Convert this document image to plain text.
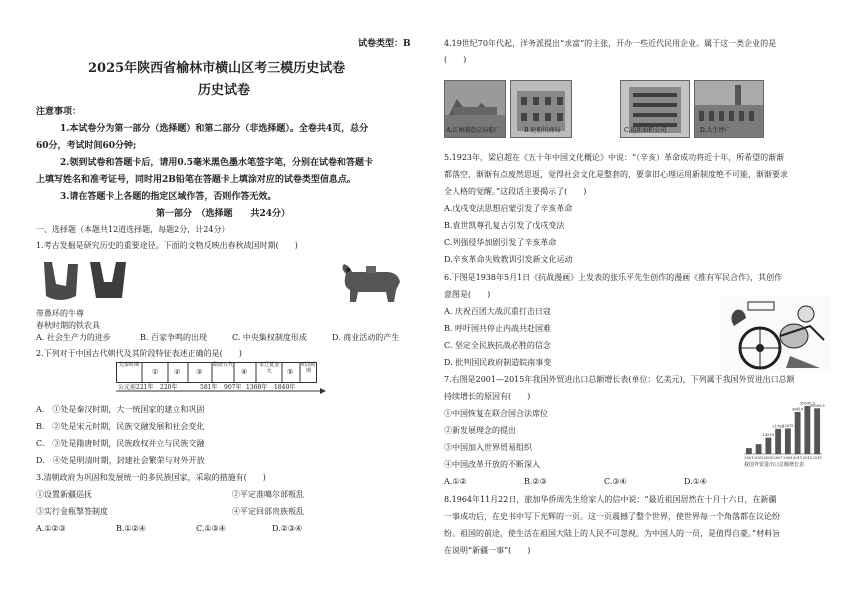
试卷类型：B
2025年陕西省榆林市横山区考三模历史试卷
历史试卷
注意事项：
1.本试卷分为第一部分（选择题）和第二部分（非选择题）。全卷共4页，总分
60分，考试时间60分钟;
2.领到试卷和答题卡后，请用0.5毫米黑色墨水笔签字笔，分别在试卷和答题卡
上填写姓名和准考证号，同时用2B铅笔在答题卡上填涂对应的试卷类型信息点。
3.请在答题卡上各题的指定区域作答，否则作答无效。
第一部分　（选择题　　共24分）
一、选择题（本题共12道选择题，每题2分，计24分）
1.考古发掘是研究历史的重要途径。下面的文物反映出春秋战国时期(　　)
带鼻环的牛尊
春秋时期的铁农具
A. 社会生产力的进步	B. 百家争鸣的出现	C. 中央集权制度形成	D. 商业活动的产生
2.下列对于中国古代朝代及其阶段特征表述正确的是(　　)
先秦时期
① ② ③
隋唐五代
④
宋辽夏金元	⑤
明清时期
公元前221年 220年	581年 907年 1368年 1840年
A.　①处是秦汉时期，大一统国家的建立和巩固
B.　②处是宋元时期，民族交融发展和社会变化
C.　③处是隋唐时期，民族政权并立与民族交融
D.　④处是明清时期，封建社会繁荣与对外开放
3.清朝政府为巩固和发展统一的多民族国家，采取的措施有(　　)
①设置新疆巡抚	②平定准噶尔部叛乱
③实行金瓶掣签制度	④平定回部贵族叛乱
A.①②③	B.①②④	C.①③④	D.②③④
4.19世纪70年代起，洋务派提出“求富”的主张，开办一些近代民用企业。属于这一类企业的是
(　　)
A.江南制造总局船厂	B.轮船招商局	C.福新面粉公司	D.大生纱厂
5.1923年，梁启超在《五十年中国文化概论》中说：“（辛亥）革命成功将近十年，所希望的渐渐
都落空，渐渐有点废然思返，觉得社会文化是整套的，要拿旧心理运用新制度绝不可能，渐渐要求
全人格的觉醒。”这段话主要揭示了(　　)
A.戊戌变法思想启蒙引发了辛亥革命
B.袁世凯尊孔复古引发了戊戌变法
C.列强侵华加剧引发了辛亥革命
D.辛亥革命失败教训引发新文化运动
6.下图是1938年5月1日《抗战漫画》上发表的张乐平先生创作的漫画《推有军民合作》，其创作
意图是(　　)
A. 庆祝百团大战沉重打击日寇
B. 呼吁国共停止内战共赴国难
C. 坚定全民族抗战必胜的信念
D. 批判国民政府制造皖南事变
7.右图是2001—2015年我国外贸进出口总额增长表(单位：亿美元)，下列属于我国外贸进出口总额
持续增长的原因有(　　)
①中国恢复在联合国合法席位
②新发展理念的提出
③中国加入世界贸易组织
④中国改革开放的不断深入
A.①②	B.②③	C.③④	D.①④
2001 2003
14219
2005
21762
2007
22075
2009
36419
2011
39530.3
2013
39569.9
2015
我国外贸进出口总额增长表
8.1964年11月22日，旅加华侨周先生给家人的信中说：“最近祖国居然在十月十六日，在新疆
一事成功后，在史书中写下光辉的一页。这一页震撼了整个世界，使世界每一个角落都在议论纷
纷。祖国的前途，使生活在祖国大陆上的人民不可忽视。为中国人的一员，是值得自豪。”材料旨
在说明“新疆一事”(　　)
